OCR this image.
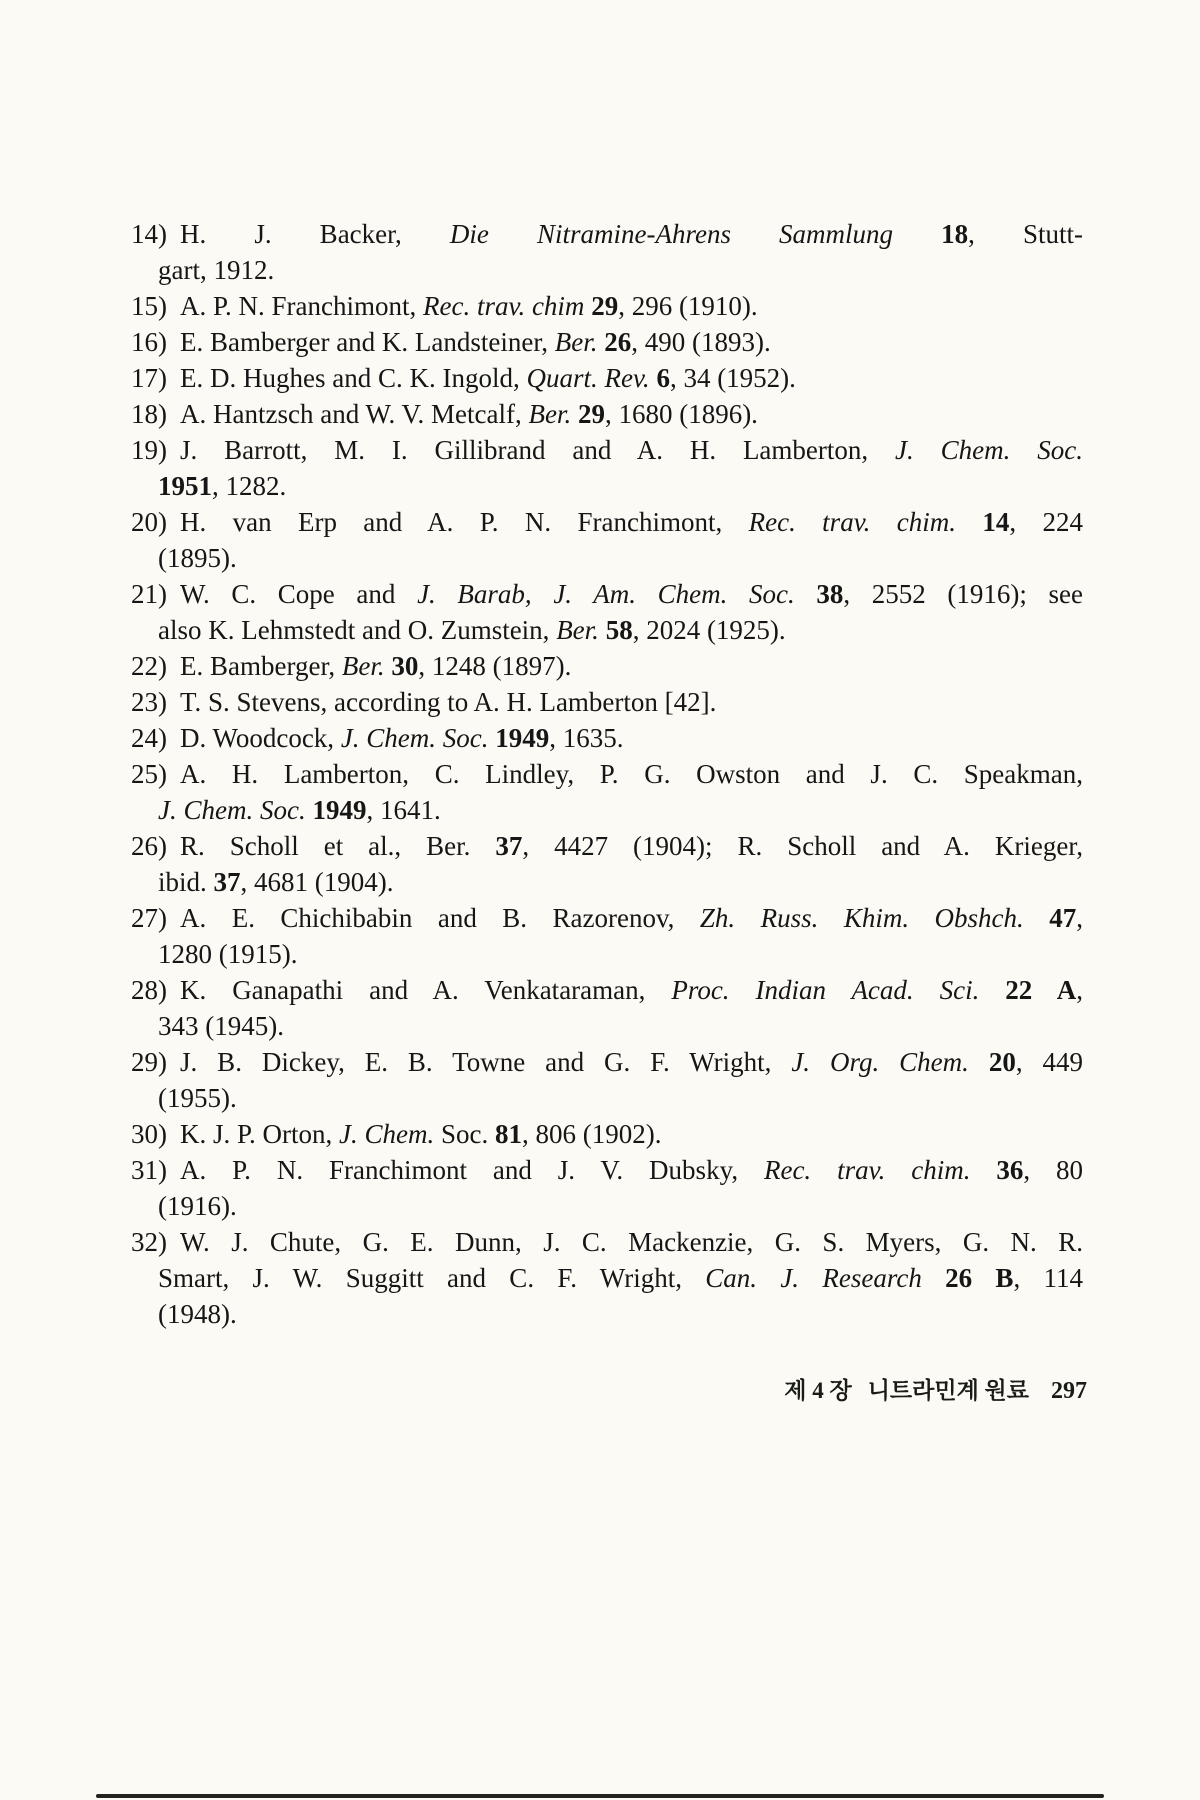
14) H. J. Backer, Die Nitramine-Ahrens Sammlung 18, Stutt-
gart, 1912.
15) A. P. N. Franchimont, Rec. trav. chim 29, 296 (1910).
16) E. Bamberger and K. Landsteiner, Ber. 26, 490 (1893).
17) E. D. Hughes and C. K. Ingold, Quart. Rev. 6, 34 (1952).
18) A. Hantzsch and W. V. Metcalf, Ber. 29, 1680 (1896).
19) J. Barrott, M. I. Gillibrand and A. H. Lamberton, J. Chem. Soc.
1951, 1282.
20) H. van Erp and A. P. N. Franchimont, Rec. trav. chim. 14, 224
(1895).
21) W. C. Cope and J. Barab, J. Am. Chem. Soc. 38, 2552 (1916); see
also K. Lehmstedt and O. Zumstein, Ber. 58, 2024 (1925).
22) E. Bamberger, Ber. 30, 1248 (1897).
23) T. S. Stevens, according to A. H. Lamberton [42].
24) D. Woodcock, J. Chem. Soc. 1949, 1635.
25) A. H. Lamberton, C. Lindley, P. G. Owston and J. C. Speakman,
J. Chem. Soc. 1949, 1641.
26) R. Scholl et al., Ber. 37, 4427 (1904); R. Scholl and A. Krieger,
ibid. 37, 4681 (1904).
27) A. E. Chichibabin and B. Razorenov, Zh. Russ. Khim. Obshch. 47,
1280 (1915).
28) K. Ganapathi and A. Venkataraman, Proc. Indian Acad. Sci. 22 A,
343 (1945).
29) J. B. Dickey, E. B. Towne and G. F. Wright, J. Org. Chem. 20, 449
(1955).
30) K. J. P. Orton, J. Chem. Soc. 81, 806 (1902).
31) A. P. N. Franchimont and J. V. Dubsky, Rec. trav. chim. 36, 80
(1916).
32) W. J. Chute, G. E. Dunn, J. C. Mackenzie, G. S. Myers, G. N. R.
Smart, J. W. Suggitt and C. F. Wright, Can. J. Research 26 B, 114
(1948).
제 4 장 니트라민계 원료 297
